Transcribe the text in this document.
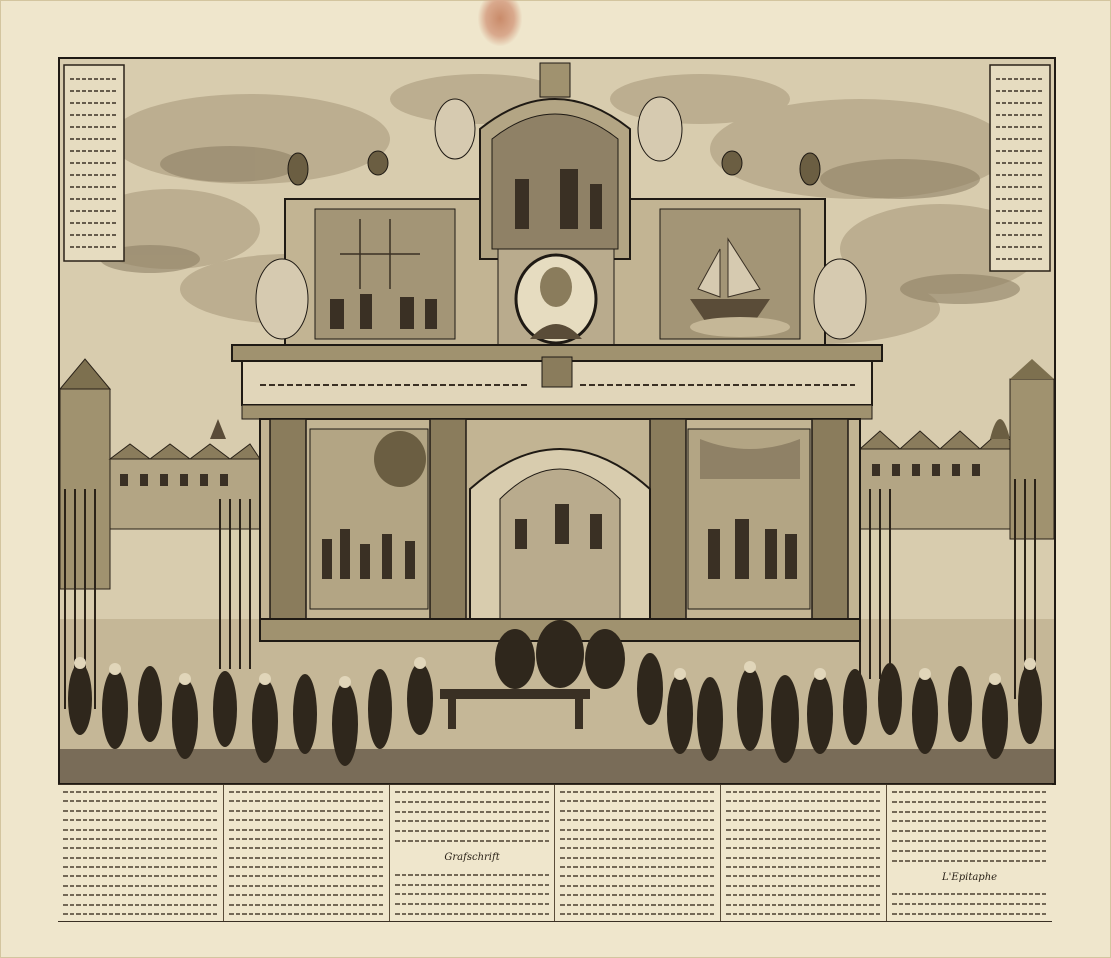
Grafschrift
L'Epitaphe
